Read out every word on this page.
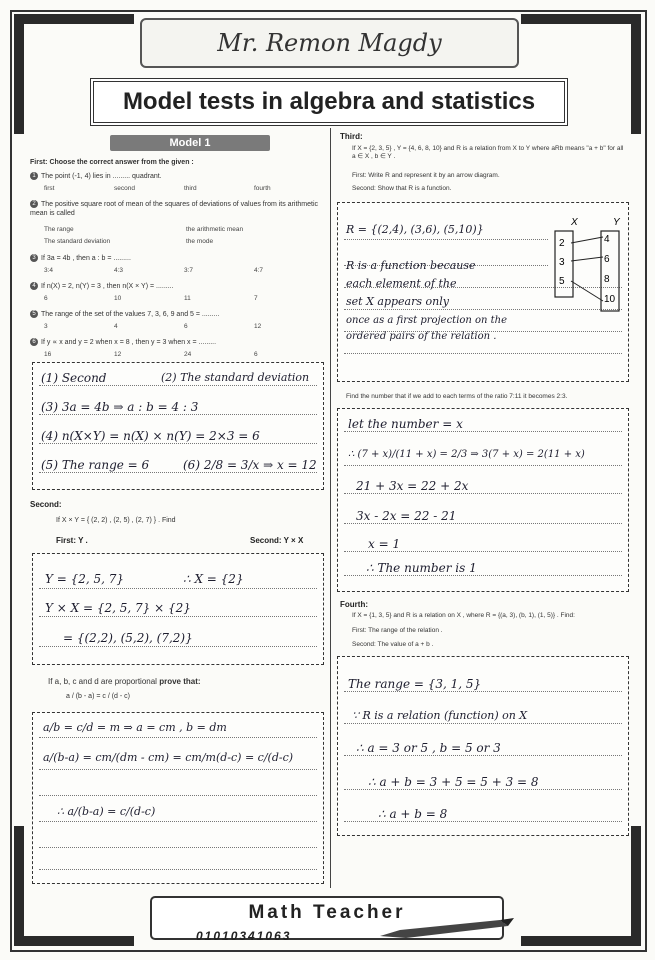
Mr. Remon Magdy
Model tests in algebra and statistics
Model 1
First: Choose the correct answer from the given :
1 The point (-1, 4) lies in ......... quadrant.
first	second	third	fourth
2 The positive square root of mean of the squares of deviations of values from its arithmetic mean is called
The range	the arithmetic mean
The standard deviation	the mode
3 If 3a = 4b , then a : b = .........
3:4	4:3	3:7	4:7
4 If n(X) = 2, n(Y) = 3 , then n(X × Y) = .........
6	10	11	7
5 The range of the set of the values 7, 3, 6, 9 and 5 = .........
3	4	6	12
6 If y ∝ x and y = 2 when x = 8 , then y = 3 when x = .........
16	12	24	6
(1) Second	(2) The standard deviation
(3) 3a = 4b ⇒ a : b = 4 : 3
(4) n(X×Y) = n(X) × n(Y) = 2×3 = 6
(5) The range = 6	(6) 2/8 = 3/x ⇒ x = 12
Second:
If X × Y = { (2, 2) , (2, 5) , (2, 7) } . Find
First: Y .	Second: Y × X
Y = {2, 5, 7}	∴ X = {2}
Y × X = {2, 5, 7} × {2}
= {(2,2), (5,2), (7,2)}
If a, b, c and d are proportional prove that:
a / (b - a) = c / (d - c)
a/b = c/d = m ⇒ a = cm , b = dm
a/(b-a) = cm/(dm - cm) = cm/m(d-c) = c/(d-c)
∴ a/(b-a) = c/(d-c)
Third:
If X = {2, 3, 5} , Y = {4, 6, 8, 10} and R is a relation from X to Y where aRb means "a + b" for all a ∈ X , b ∈ Y .
First: Write R and represent it by an arrow diagram.
Second: Show that R is a function.
R = {(2,4), (3,6), (5,10)}
R is a function because
each element of the
set X appears only
once as a first projection on the
ordered pairs of the relation .
X	Y
2
3
5
4
6
8
10
Find the number that if we add to each terms of the ratio 7:11 it becomes 2:3.
let the number = x
∴ (7 + x)/(11 + x) = 2/3 ⇒ 3(7 + x) = 2(11 + x)
21 + 3x = 22 + 2x
3x - 2x = 22 - 21
x = 1
∴ The number is 1
Fourth:
If X = {1, 3, 5} and R is a relation on X , where R = {(a, 3), (b, 1), (1, 5)} . Find:
First: The range of the relation .
Second: The value of a + b .
The range = {3, 1, 5}
∵ R is a relation (function) on X
∴ a = 3 or 5 , b = 5 or 3
∴ a + b = 3 + 5 = 5 + 3 = 8
∴ a + b = 8
Math Teacher
01010341063
